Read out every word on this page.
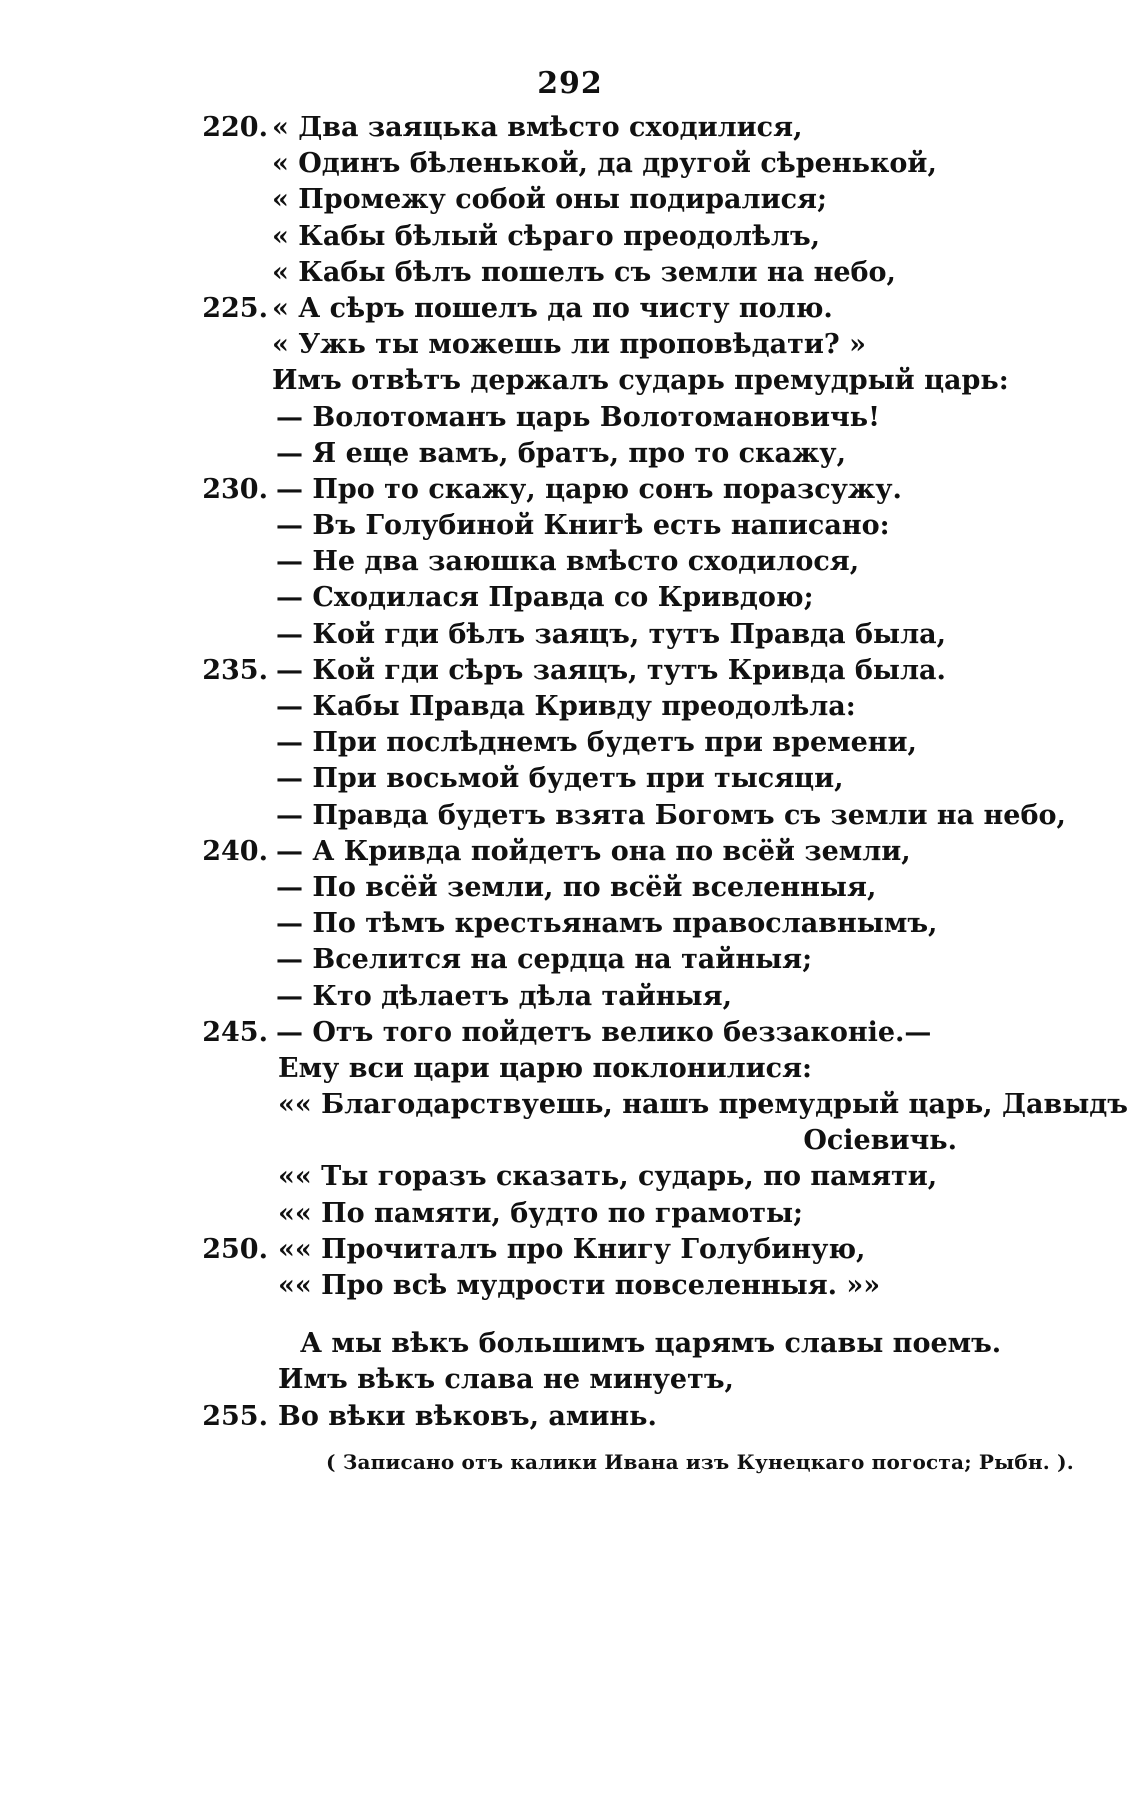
292
220. « Два заяцька вмѣсто сходилися,
« Одинъ бѣленькой, да другой сѣренькой,
« Промежу собой оны подиралися;
« Кабы бѣлый сѣраго преодолѣлъ,
« Кабы бѣлъ пошелъ съ земли на небо,
225. « А сѣръ пошелъ да по чисту полю.
« Ужь ты можешь ли проповѣдати? »
Имъ отвѣтъ держалъ сударь премудрый царь:
— Волотоманъ царь Волотомановичь!
— Я еще вамъ, братъ, про то скажу,
230. — Про то скажу, царю сонъ поразсужу.
— Въ Голубиной Книгѣ есть написано:
— Не два заюшка вмѣсто сходилося,
— Сходилася Правда со Кривдою;
— Кой гди бѣлъ заяцъ, тутъ Правда была,
235. — Кой гди сѣръ заяцъ, тутъ Кривда была.
— Кабы Правда Кривду преодолѣла:
— При послѣднемъ будетъ при времени,
— При восьмой будетъ при тысяци,
— Правда будетъ взята Богомъ съ земли на небо,
240. — А Кривда пойдетъ она по всёй земли,
— По всёй земли, по всёй вселенныя,
— По тѣмъ крестьянамъ православнымъ,
— Вселится на сердца на тайныя;
— Кто дѣлаетъ дѣла тайныя,
245. — Отъ того пойдетъ велико беззаконіе.—
Ему вси цари царю поклонилися:
«« Благодарствуешь, нашъ премудрый царь, Давыдъ
Осіевичь.
«« Ты горазъ сказать, сударь, по памяти,
«« По памяти, будто по грамоты;
250. «« Прочиталъ про Книгу Голубиную,
«« Про всѣ мудрости повселенныя. »»
А мы вѣкъ большимъ царямъ славы поемъ.
Имъ вѣкъ слава не минуетъ,
255. Во вѣки вѣковъ, аминь.
( Записано отъ калики Ивана изъ Кунецкаго погоста; Рыбн. ).
